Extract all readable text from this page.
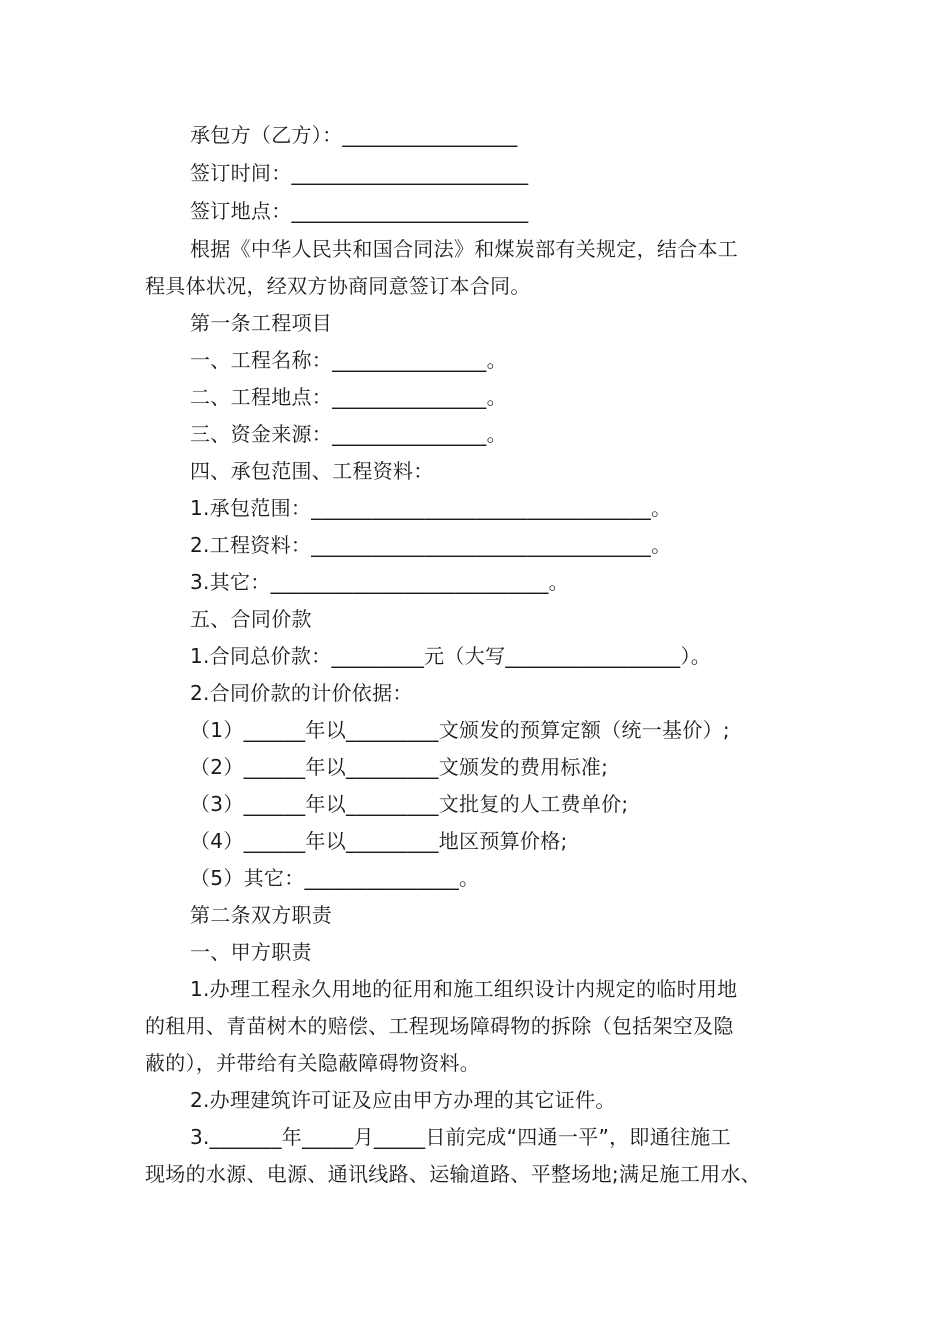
承包方（乙方）：_________________
签订时间：_______________________
签订地点：_______________________
根据《中华人民共和国合同法》和煤炭部有关规定，结合本工
程具体状况，经双方协商同意签订本合同。
第一条工程项目
一、工程名称：_______________。
二、工程地点：_______________。
三、资金来源：_______________。
四、承包范围、工程资料：
1.承包范围：_________________________________。
2.工程资料：_________________________________。
3.其它：___________________________。
五、合同价款
1.合同总价款：_________元（大写_________________）。
2.合同价款的计价依据：
（1）______年以_________文颁发的预算定额（统一基价）;
（2）______年以_________文颁发的费用标准;
（3）______年以_________文批复的人工费单价;
（4）______年以_________地区预算价格;
（5）其它：_______________。
第二条双方职责
一、甲方职责
1.办理工程永久用地的征用和施工组织设计内规定的临时用地
的租用、青苗树木的赔偿、工程现场障碍物的拆除（包括架空及隐
蔽的），并带给有关隐蔽障碍物资料。
2.办理建筑许可证及应由甲方办理的其它证件。
3._______年_____月_____日前完成“四通一平”，即通往施工
现场的水源、电源、通讯线路、运输道路、平整场地;满足施工用水、
